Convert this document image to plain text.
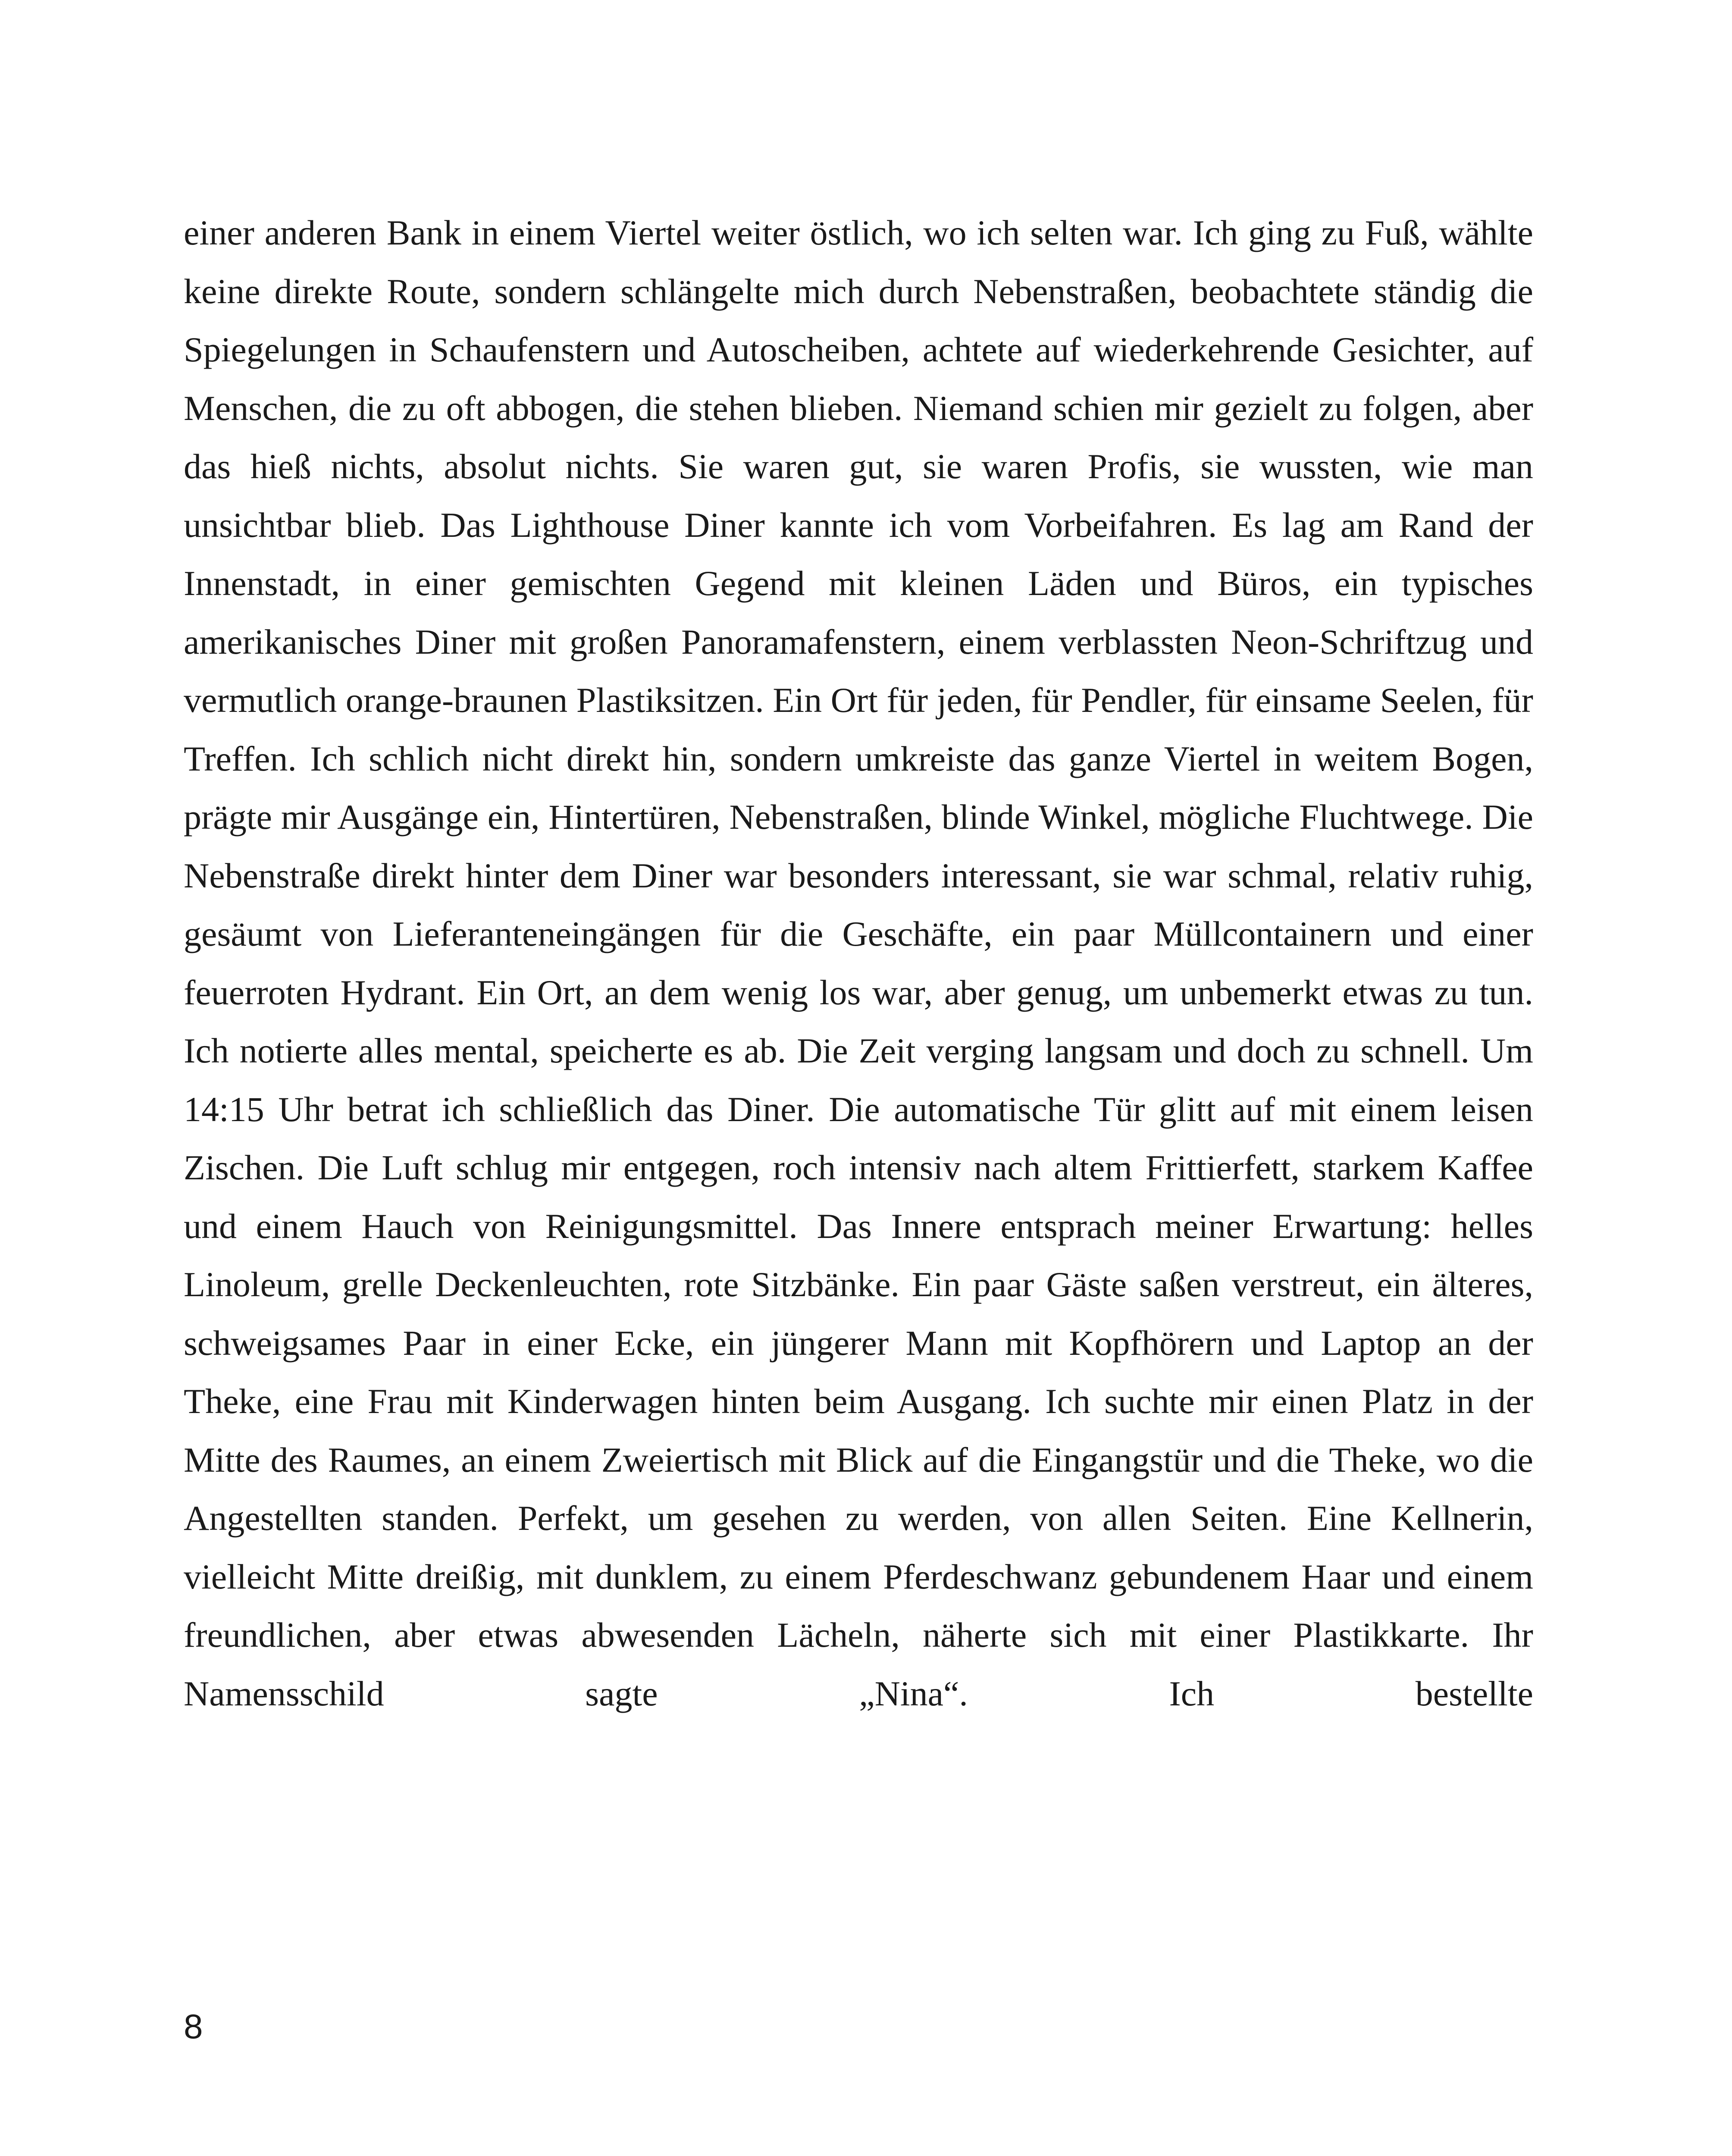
einer anderen Bank in einem Viertel weiter östlich, wo ich selten war. Ich ging zu Fuß, wählte keine direkte Route, sondern schlängelte mich durch Nebenstraßen, beobachtete ständig die Spiegelungen in Schaufenstern und Autoscheiben, achtete auf wiederkehrende Gesichter, auf Menschen, die zu oft abbogen, die stehen blieben. Niemand schien mir gezielt zu folgen, aber das hieß nichts, absolut nichts. Sie waren gut, sie waren Profis, sie wussten, wie man unsichtbar blieb. Das Lighthouse Diner kannte ich vom Vorbeifahren. Es lag am Rand der Innenstadt, in einer gemischten Gegend mit kleinen Läden und Büros, ein typisches amerikanisches Diner mit großen Panoramafenstern, einem verblassten Neon-Schriftzug und vermutlich orange-braunen Plastiksitzen. Ein Ort für jeden, für Pendler, für einsame Seelen, für Treffen. Ich schlich nicht direkt hin, sondern umkreiste das ganze Viertel in weitem Bogen, prägte mir Ausgänge ein, Hintertüren, Nebenstraßen, blinde Winkel, mögliche Fluchtwege. Die Nebenstraße direkt hinter dem Diner war besonders interessant, sie war schmal, relativ ruhig, gesäumt von Lieferanteneingängen für die Geschäfte, ein paar Müllcontainern und einer feuerroten Hydrant. Ein Ort, an dem wenig los war, aber genug, um unbemerkt etwas zu tun. Ich notierte alles mental, speicherte es ab. Die Zeit verging langsam und doch zu schnell. Um 14:15 Uhr betrat ich schließlich das Diner. Die automatische Tür glitt auf mit einem leisen Zischen. Die Luft schlug mir entgegen, roch intensiv nach altem Frittierfett, starkem Kaffee und einem Hauch von Reinigungsmittel. Das Innere entsprach meiner Erwartung: helles Linoleum, grelle Deckenleuchten, rote Sitzbänke. Ein paar Gäste saßen verstreut, ein älteres, schweigsames Paar in einer Ecke, ein jüngerer Mann mit Kopfhörern und Laptop an der Theke, eine Frau mit Kinderwagen hinten beim Ausgang. Ich suchte mir einen Platz in der Mitte des Raumes, an einem Zweiertisch mit Blick auf die Eingangstür und die Theke, wo die Angestellten standen. Perfekt, um gesehen zu werden, von allen Seiten. Eine Kellnerin, vielleicht Mitte dreißig, mit dunklem, zu einem Pferdeschwanz gebundenem Haar und einem freundlichen, aber etwas abwesenden Lächeln, näherte sich mit einer Plastikkarte. Ihr Namensschild sagte „Nina“. Ich bestellte

8
